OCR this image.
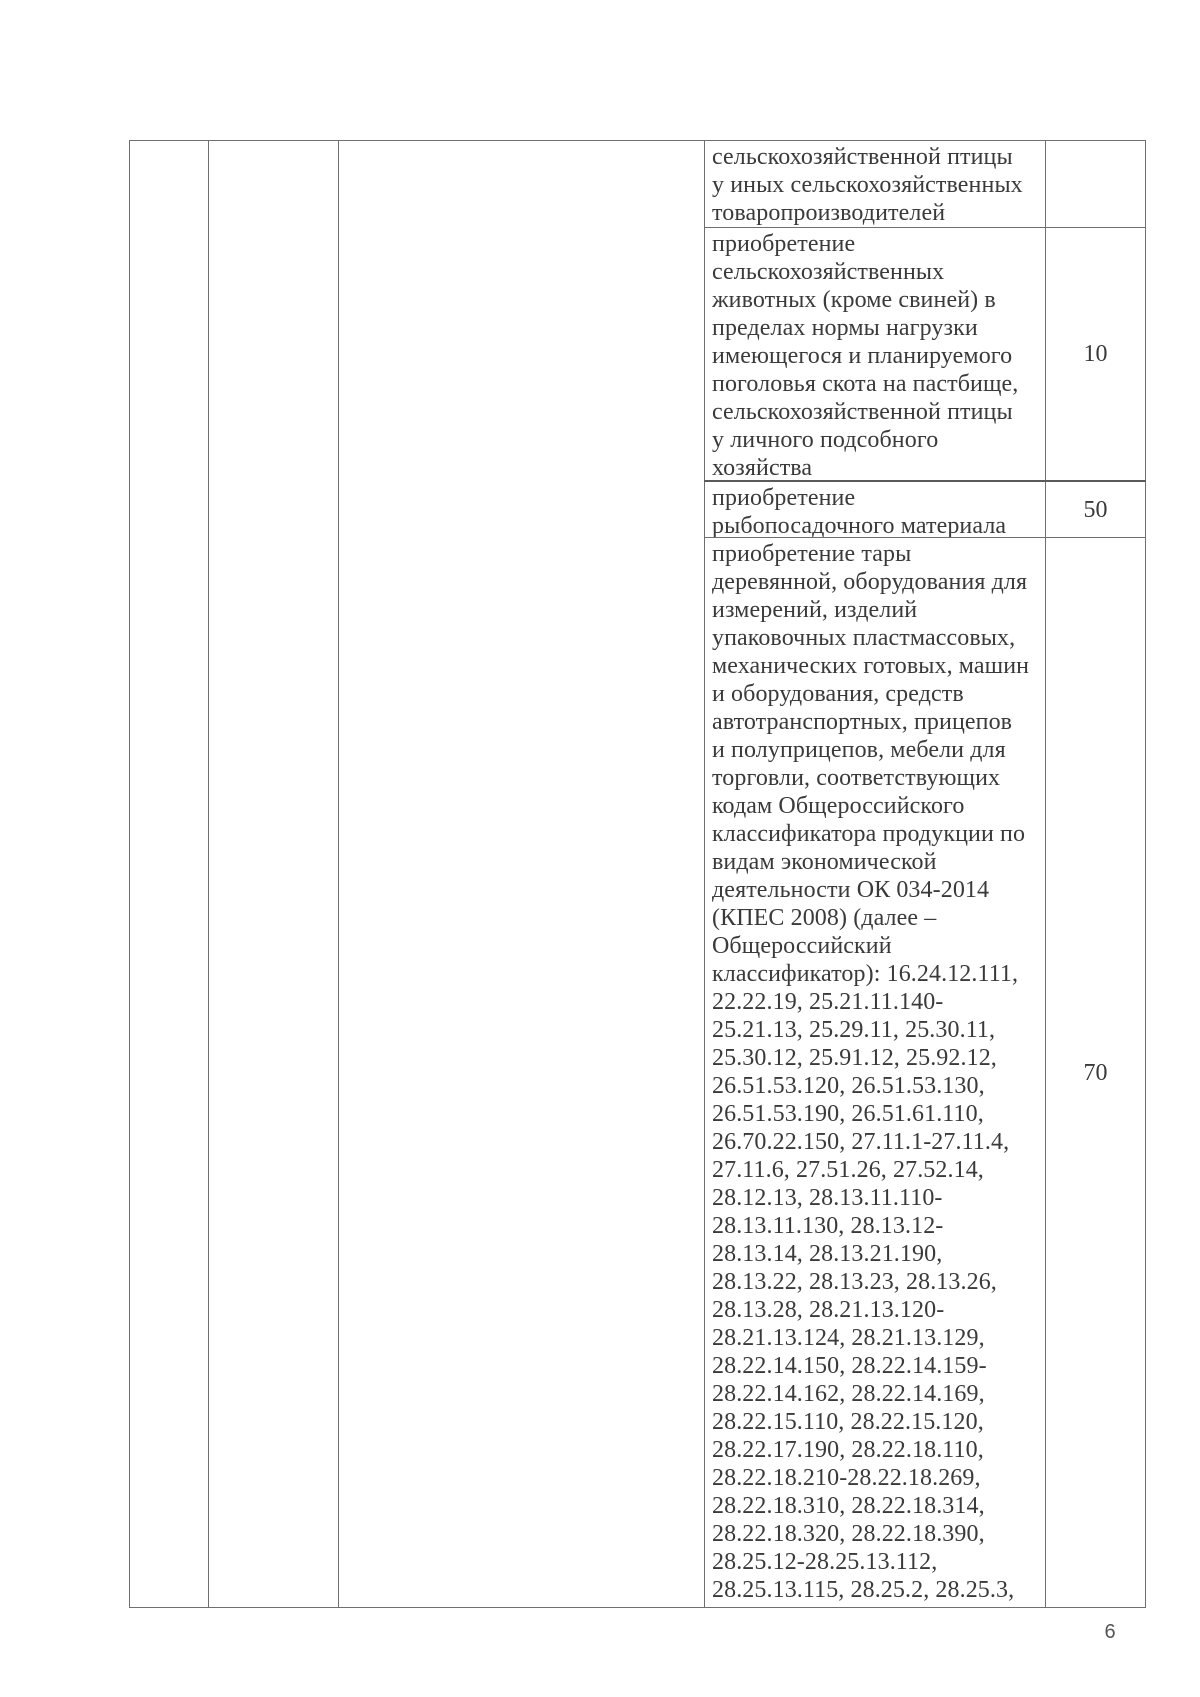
сельскохозяйственной птицы
у иных сельскохозяйственных
товаропроизводителей
приобретение
сельскохозяйственных
животных (кроме свиней) в
пределах нормы нагрузки
имеющегося и планируемого
поголовья скота на пастбище,
сельскохозяйственной птицы
у личного подсобного
хозяйства
10
приобретение
рыбопосадочного материала
50
приобретение тары
деревянной, оборудования для
измерений, изделий
упаковочных пластмассовых,
механических готовых, машин
и оборудования, средств
автотранспортных, прицепов
и полуприцепов, мебели для
торговли, соответствующих
кодам Общероссийского
классификатора продукции по
видам экономической
деятельности ОК 034-2014
(КПЕС 2008) (далее –
Общероссийский
классификатор): 16.24.12.111,
22.22.19, 25.21.11.140-
25.21.13, 25.29.11, 25.30.11,
25.30.12, 25.91.12, 25.92.12,
26.51.53.120, 26.51.53.130,
26.51.53.190, 26.51.61.110,
26.70.22.150, 27.11.1-27.11.4,
27.11.6, 27.51.26, 27.52.14,
28.12.13, 28.13.11.110-
28.13.11.130, 28.13.12-
28.13.14, 28.13.21.190,
28.13.22, 28.13.23, 28.13.26,
28.13.28, 28.21.13.120-
28.21.13.124, 28.21.13.129,
28.22.14.150, 28.22.14.159-
28.22.14.162, 28.22.14.169,
28.22.15.110, 28.22.15.120,
28.22.17.190, 28.22.18.110,
28.22.18.210-28.22.18.269,
28.22.18.310, 28.22.18.314,
28.22.18.320, 28.22.18.390,
28.25.12-28.25.13.112,
28.25.13.115, 28.25.2, 28.25.3,
70
6
